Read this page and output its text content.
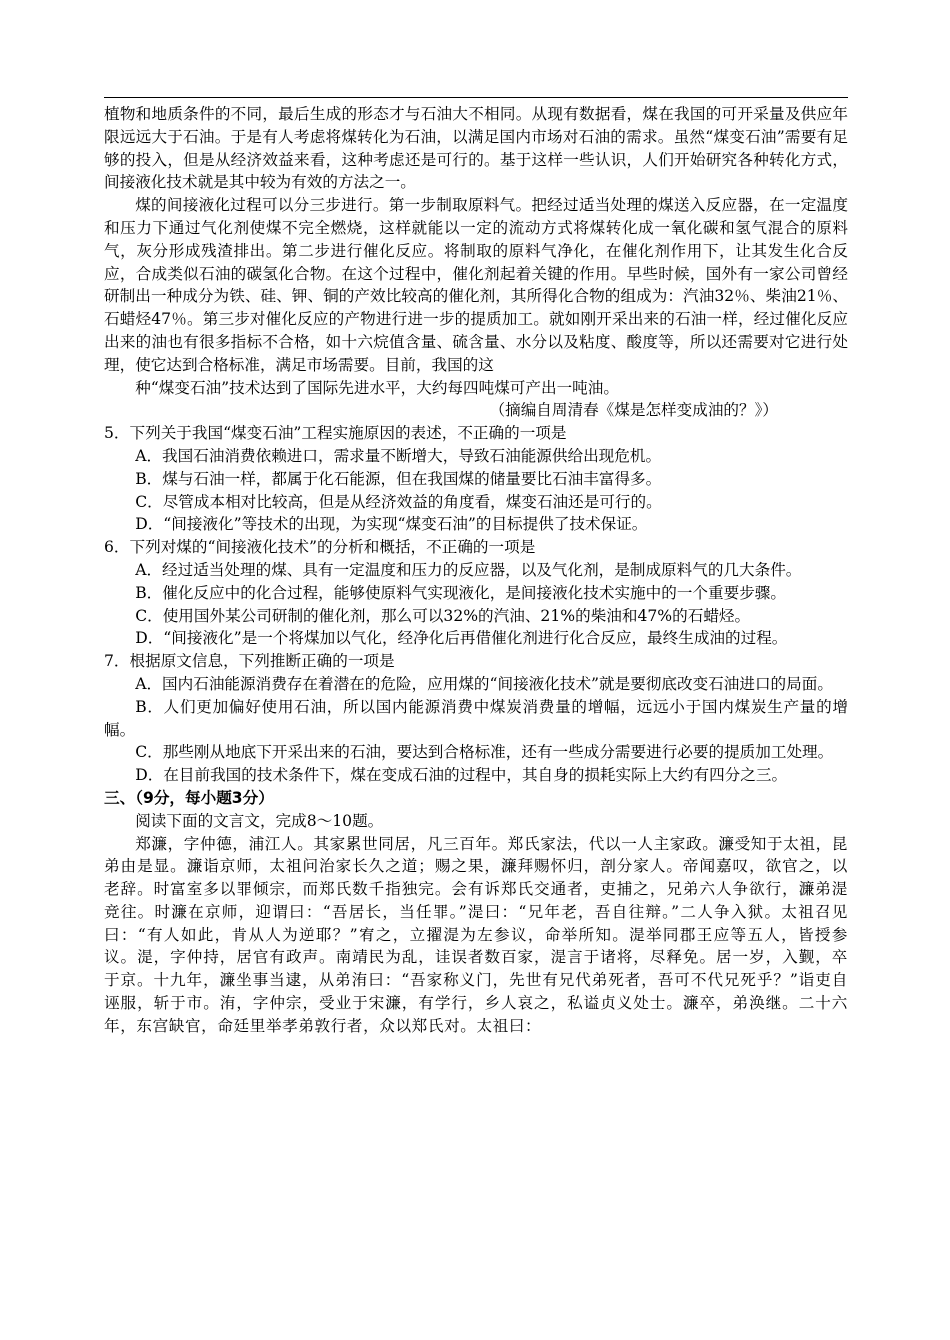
植物和地质条件的不同，最后生成的形态才与石油大不相同。从现有数据看，煤在我国的可开采量及供应年限远远大于石油。于是有人考虑将煤转化为石油，以满足国内市场对石油的需求。虽然“煤变石油”需要有足够的投入，但是从经济效益来看，这种考虑还是可行的。基于这样一些认识，人们开始研究各种转化方式，间接液化技术就是其中较为有效的方法之一。

煤的间接液化过程可以分三步进行。第一步制取原料气。把经过适当处理的煤送入反应器，在一定温度和压力下通过气化剂使煤不完全燃烧，这样就能以一定的流动方式将煤转化成一氧化碳和氢气混合的原料气，灰分形成残渣排出。第二步进行催化反应。将制取的原料气净化，在催化剂作用下，让其发生化合反应，合成类似石油的碳氢化合物。在这个过程中，催化剂起着关键的作用。早些时候，国外有一家公司曾经研制出一种成分为铁、硅、钾、铜的产效比较高的催化剂，其所得化合物的组成为：汽油32％、柴油21％、石蜡烃47％。第三步对催化反应的产物进行进一步的提质加工。就如刚开采出来的石油一样，经过催化反应出来的油也有很多指标不合格，如十六烷值含量、硫含量、水分以及粘度、酸度等，所以还需要对它进行处理，使它达到合格标准，满足市场需要。目前，我国的这

种“煤变石油”技术达到了国际先进水平，大约每四吨煤可产出一吨油。

（摘编自周清春《煤是怎样变成油的？》）

5．下列关于我国“煤变石油”工程实施原因的表述，不正确的一项是

A．我国石油消费依赖进口，需求量不断增大，导致石油能源供给出现危机。

B．煤与石油一样，都属于化石能源，但在我国煤的储量要比石油丰富得多。

C．尽管成本相对比较高，但是从经济效益的角度看，煤变石油还是可行的。

D．“间接液化”等技术的出现，为实现“煤变石油”的目标提供了技术保证。

6．下列对煤的“间接液化技术”的分析和概括，不正确的一项是

A．经过适当处理的煤、具有一定温度和压力的反应器，以及气化剂，是制成原料气的几大条件。

B．催化反应中的化合过程，能够使原料气实现液化，是间接液化技术实施中的一个重要步骤。

C．使用国外某公司研制的催化剂，那么可以32%的汽油、21%的柴油和47%的石蜡烃。

D．“间接液化”是一个将煤加以气化，经净化后再借催化剂进行化合反应，最终生成油的过程。

7．根据原文信息，下列推断正确的一项是

A．国内石油能源消费存在着潜在的危险，应用煤的“间接液化技术”就是要彻底改变石油进口的局面。

B．人们更加偏好使用石油，所以国内能源消费中煤炭消费量的增幅，远远小于国内煤炭生产量的增幅。

C．那些刚从地底下开采出来的石油，要达到合格标准，还有一些成分需要进行必要的提质加工处理。

D．在目前我国的技术条件下，煤在变成石油的过程中，其自身的损耗实际上大约有四分之三。

三、（9分，每小题3分）

阅读下面的文言文，完成8～10题。

郑濂，字仲德，浦江人。其家累世同居，凡三百年。郑氏家法，代以一人主家政。濂受知于太祖，昆弟由是显。濂诣京师，太祖问治家长久之道；赐之果，濂拜赐怀归，剖分家人。帝闻嘉叹，欲官之，以老辞。时富室多以罪倾宗，而郑氏数千指独完。会有诉郑氏交通者，吏捕之，兄弟六人争欲行，濂弟湜竞往。时濂在京师，迎谓曰：“吾居长，当任罪。”湜曰：“兄年老，吾自往辩。”二人争入狱。太祖召见曰：“有人如此，肯从人为逆耶？”宥之，立擢湜为左参议，命举所知。湜举同郡王应等五人，皆授参议。湜，字仲持，居官有政声。南靖民为乱，诖误者数百家，湜言于诸将，尽释免。居一岁，入觐，卒于京。十九年，濂坐事当逮，从弟洧曰：“吾家称义门，先世有兄代弟死者，吾可不代兄死乎？”诣吏自诬服，斩于市。洧，字仲宗，受业于宋濂，有学行，乡人哀之，私谥贞义处士。濂卒，弟涣继。二十六年，东宫缺官，命廷里举孝弟敦行者，众以郑氏对。太祖曰：
